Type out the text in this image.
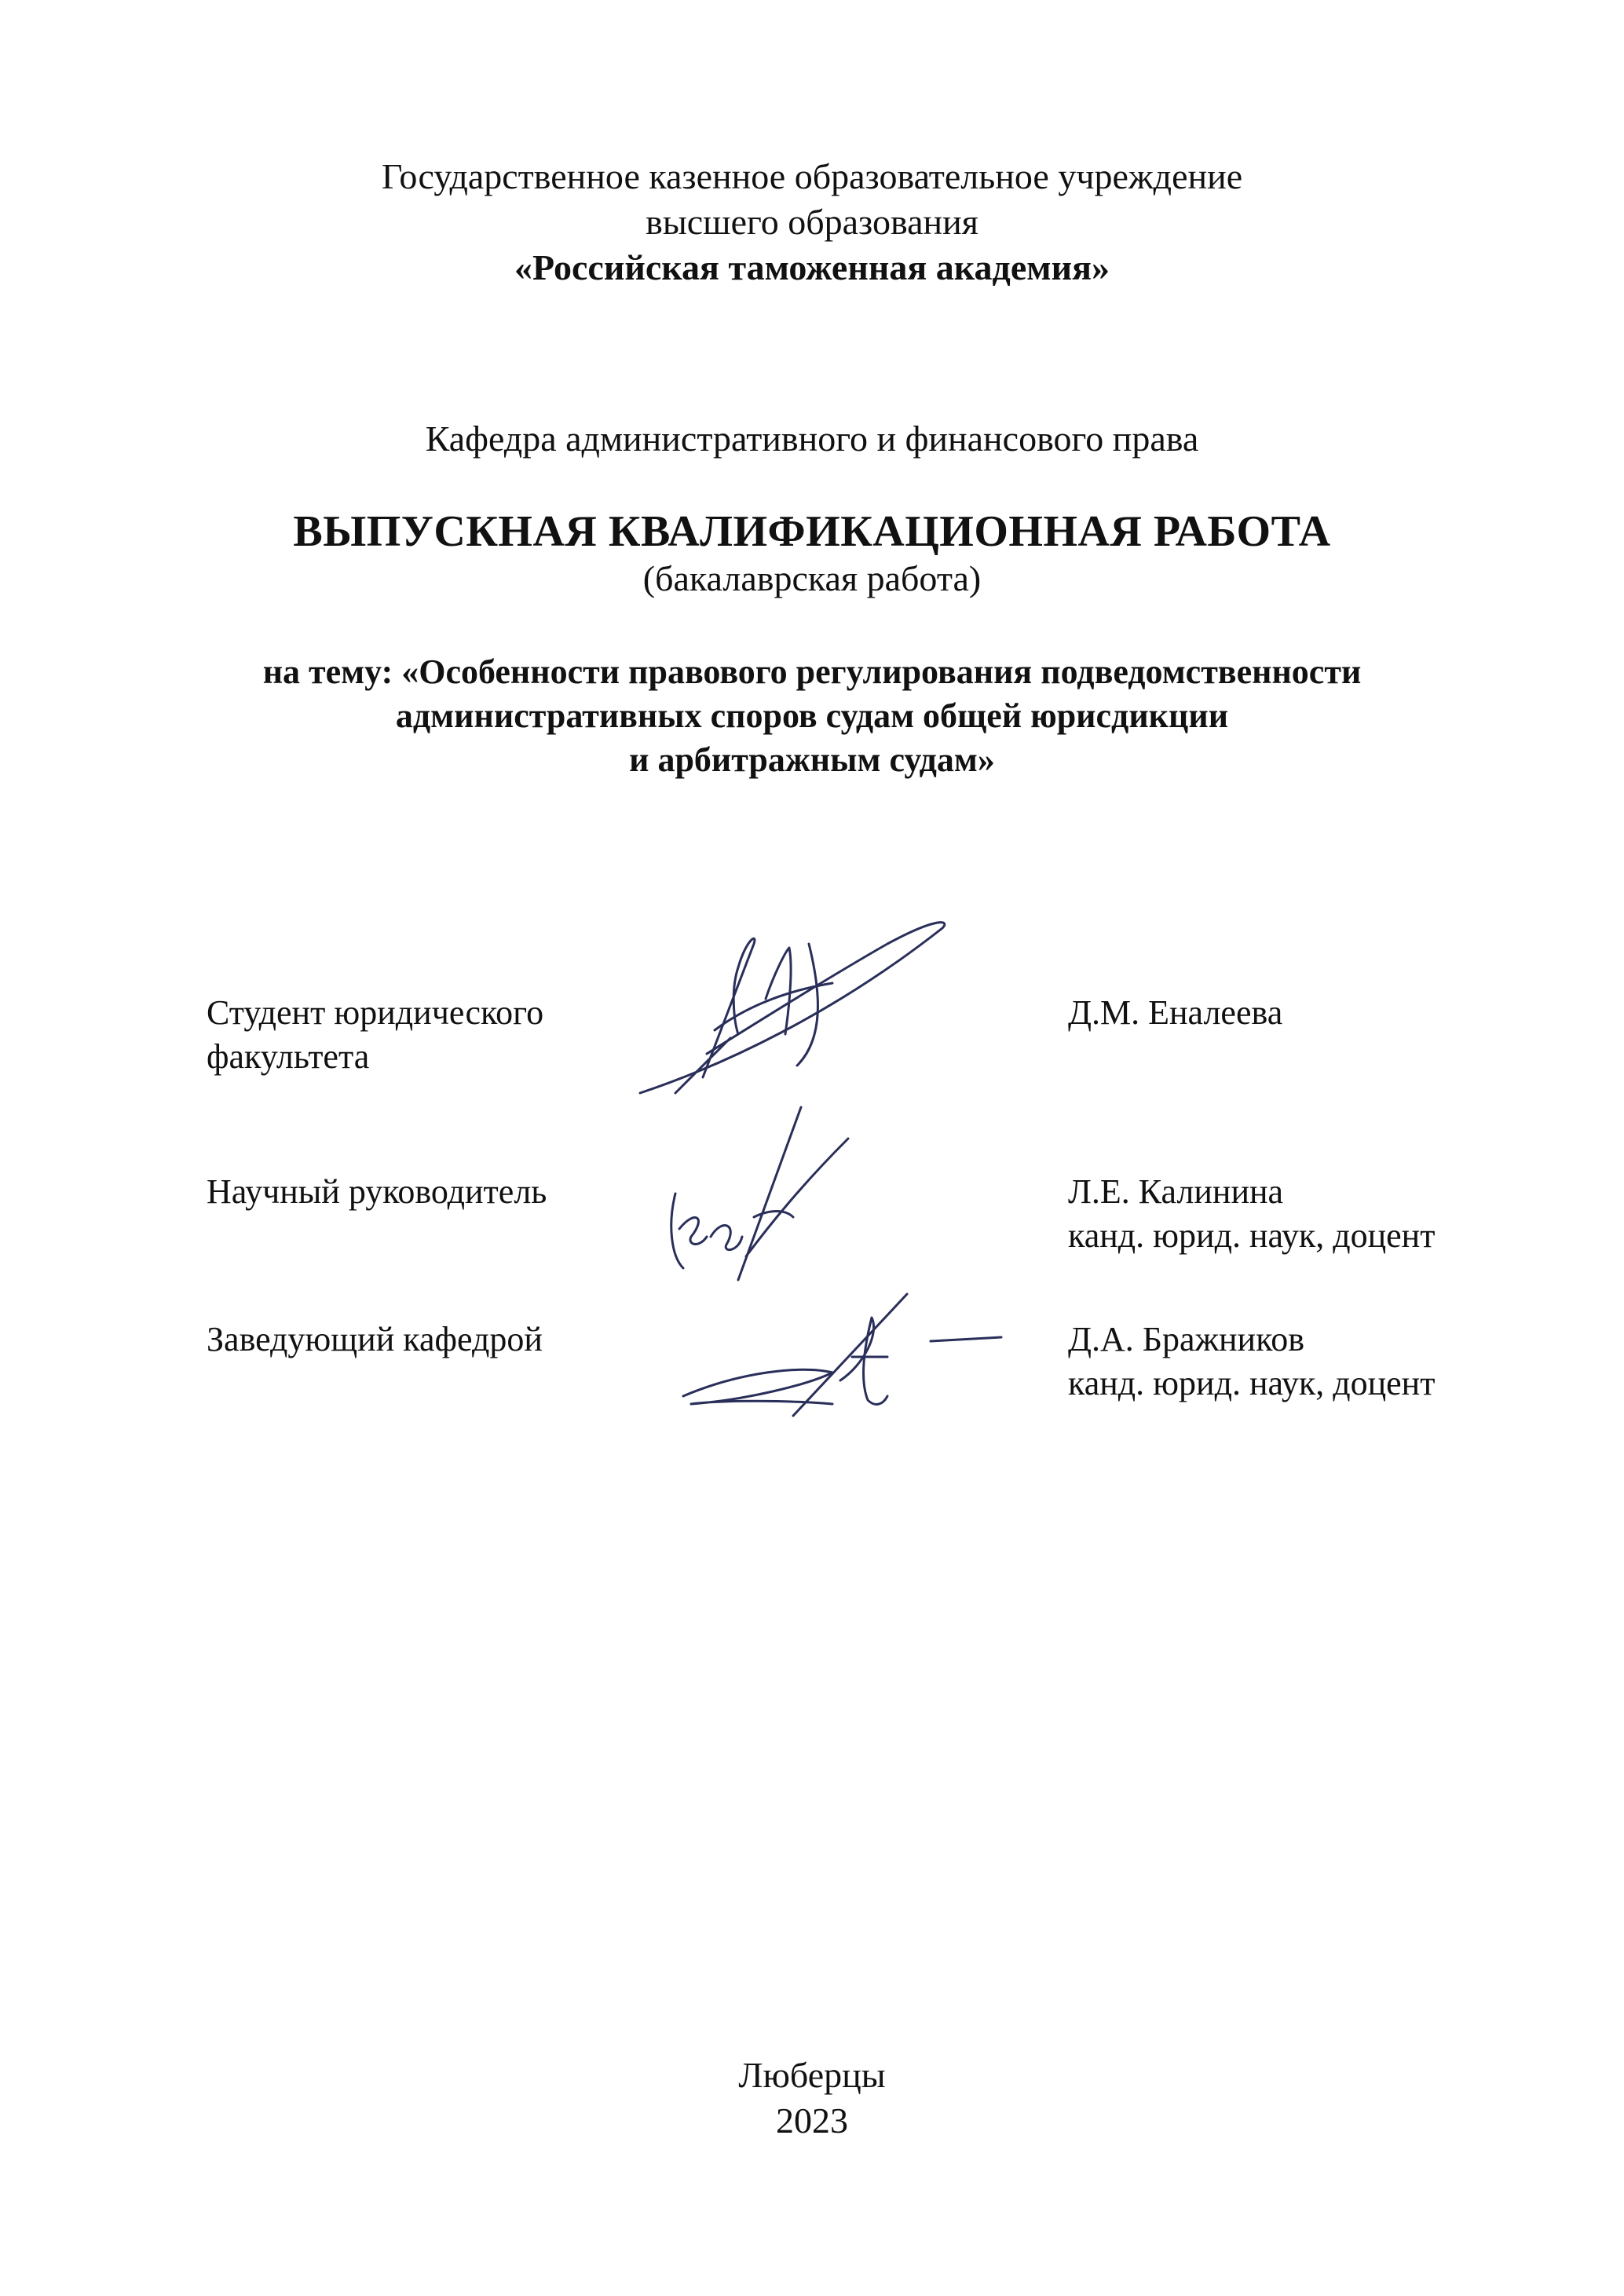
Государственное казенное образовательное учреждение
высшего образования
«Российская таможенная академия»
Кафедра административного и финансового права
ВЫПУСКНАЯ КВАЛИФИКАЦИОННАЯ РАБОТА
(бакалаврская работа)
на тему: «Особенности правового регулирования подведомственности
административных споров судам общей юрисдикции
и арбитражным судам»
Студент юридического
факультета
Д.М. Еналеева
Научный руководитель	Л.Е. Калинина
канд. юрид. наук, доцент
Заведующий кафедрой	Д.А. Бражников
канд. юрид. наук, доцент
Люберцы
2023
